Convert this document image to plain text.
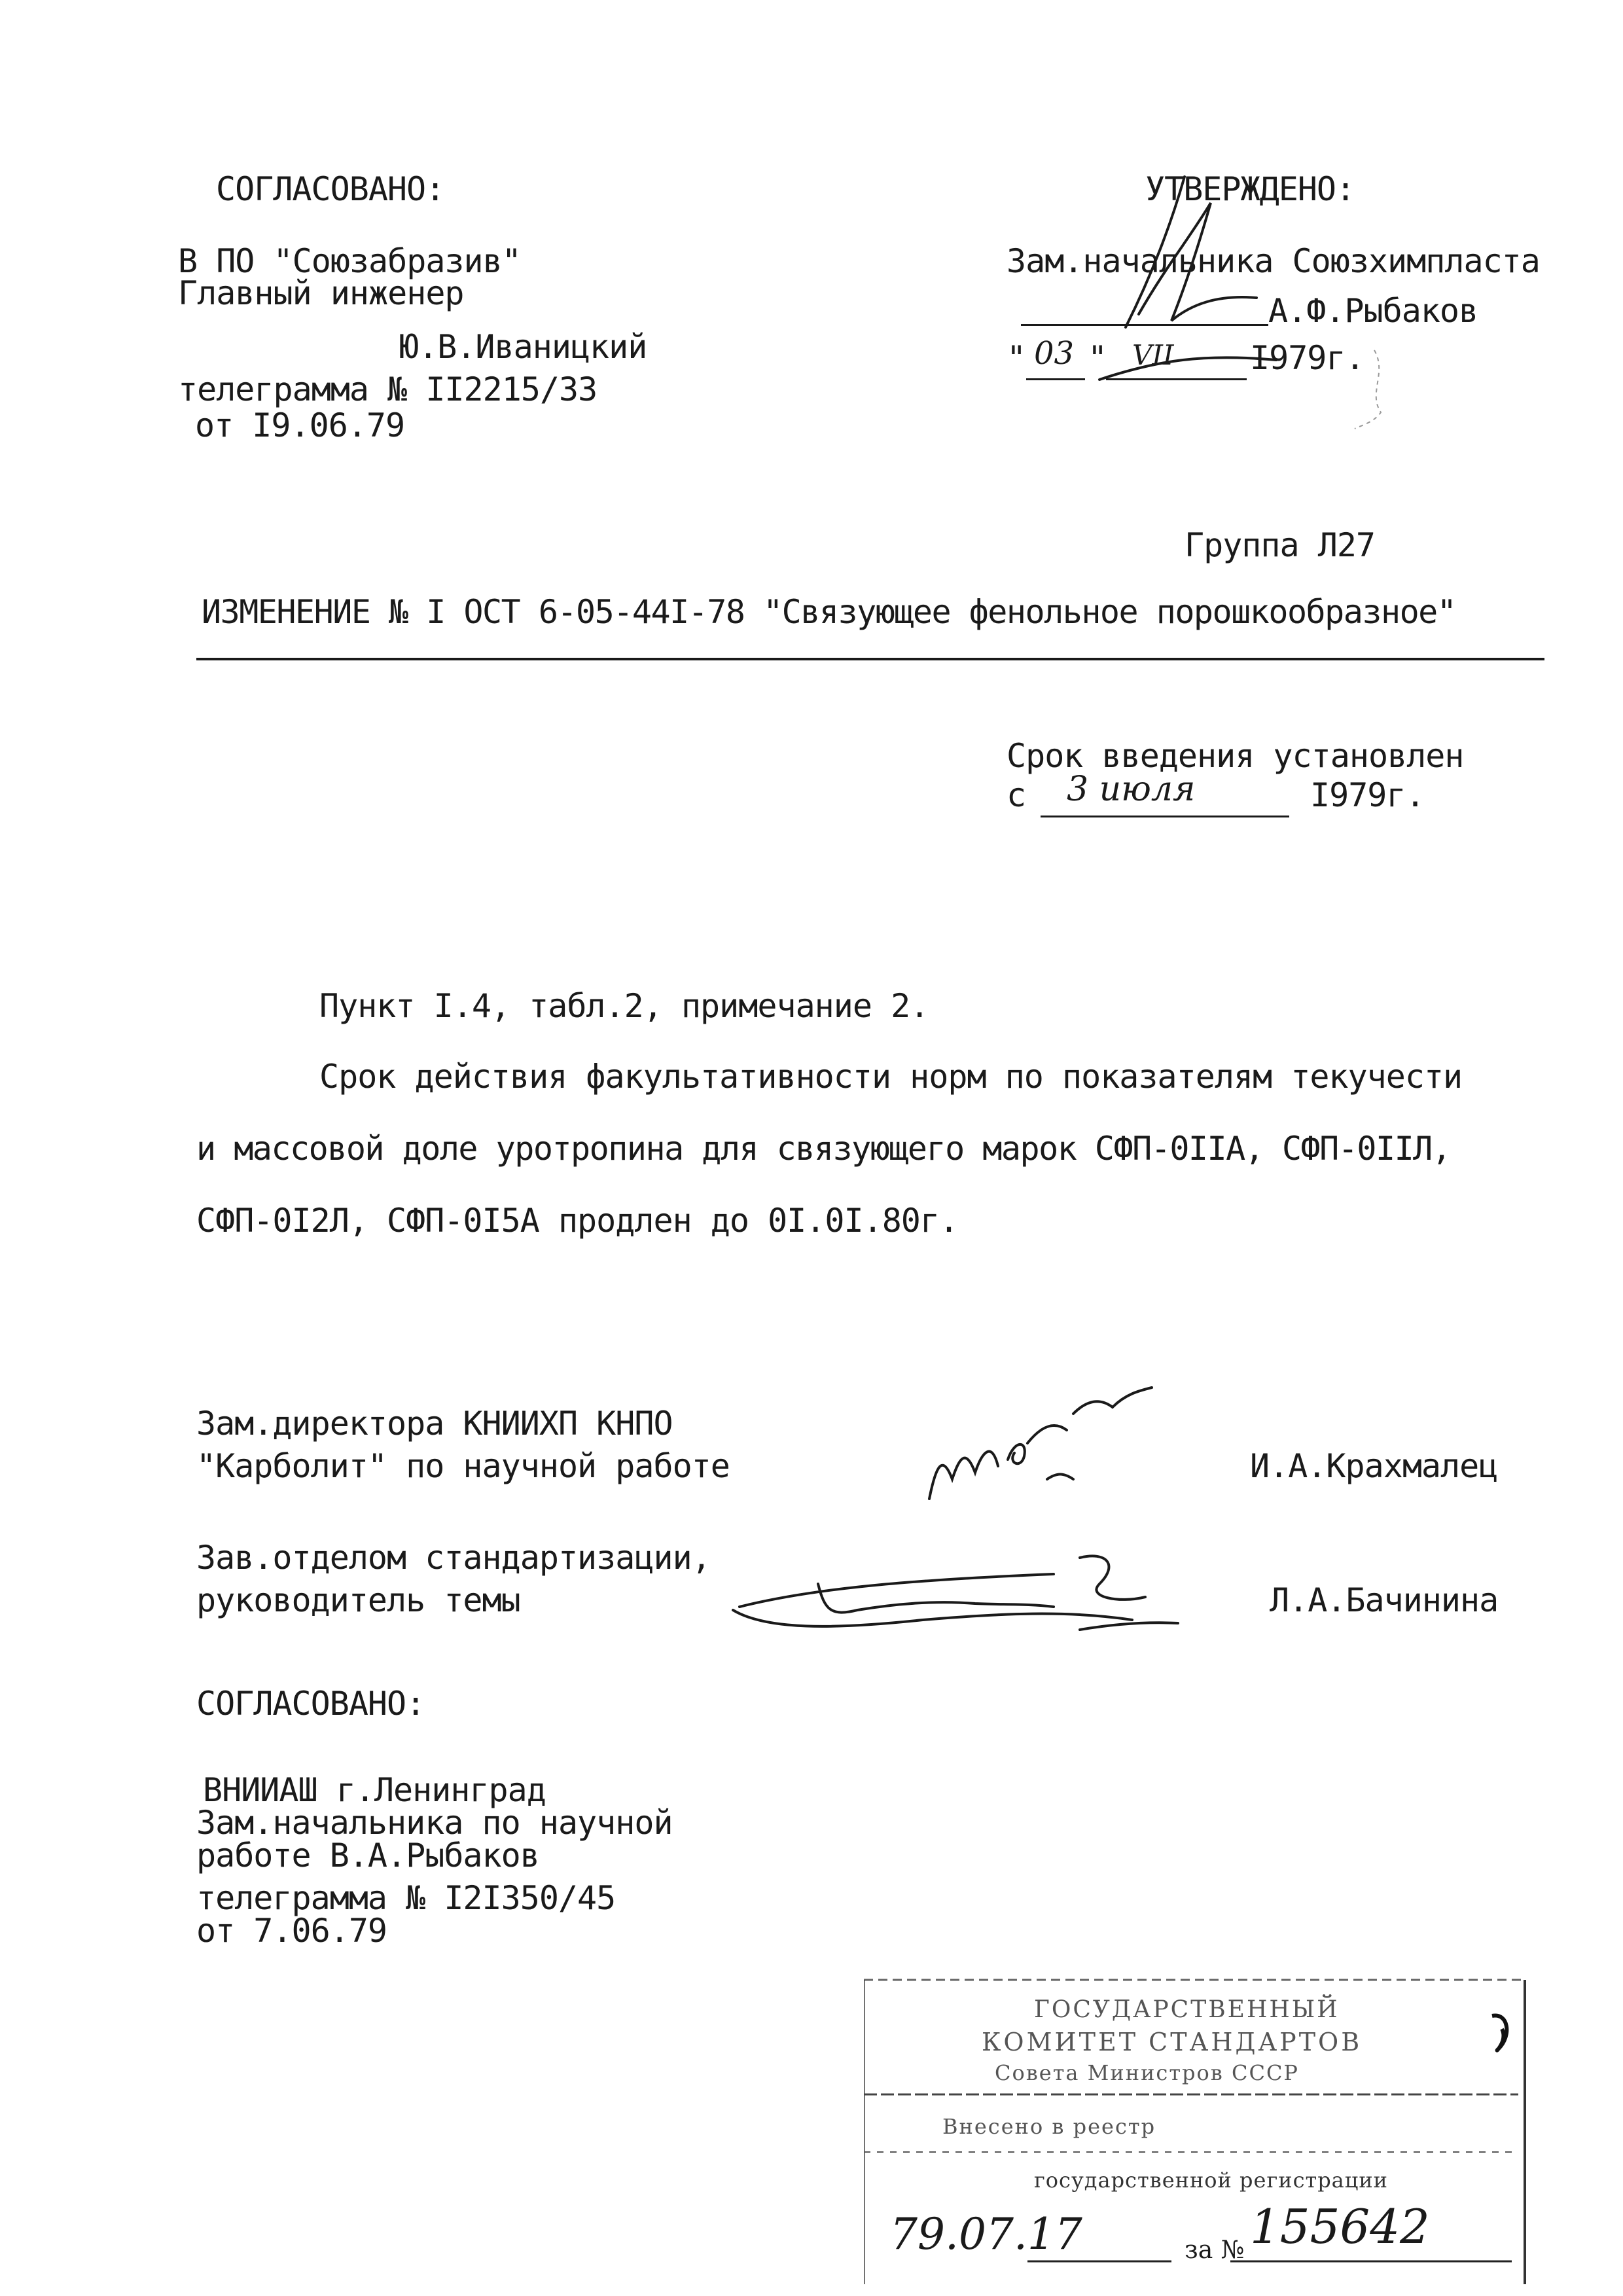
СОГЛАСОВАНО:
В ПО "Союзабразив"
Главный инженер
Ю.В.Иваницкий
телеграмма № II2215/33
от I9.06.79
УТВЕРЖДЕНО:
Зам.начальника Союзхимпласта
А.Ф.Рыбаков
" 03 " VII I979г.
Группа Л27
ИЗМЕНЕНИЕ № I ОСТ 6-05-44I-78 "Связующее фенольное порошкообразное"
Срок введения установлен
с 3 июля	I979г.
Пункт I.4, табл.2, примечание 2.
Срок действия факультативности норм по показателям текучести
и массовой доле уротропина для связующего марок СФП-0IIА, СФП-0IIЛ,
СФП-0I2Л, СФП-0I5А продлен до 0I.0I.80г.
Зам.директора КНИИХП КНПО
"Карболит" по научной работе	И.А.Крахмалец
Зав.отделом стандартизации,
руководитель темы	Л.А.Бачинина
СОГЛАСОВАНО:
ВНИИАШ г.Ленинград
Зам.начальника по научной
работе В.А.Рыбаков
телеграмма № I2I350/45
от 7.06.79
ГОСУДАРСТВЕННЫЙ
КОМИТЕТ СТАНДАРТОВ
Совета Министров СССР
Внесено в реестр
государственной регистрации
79.07.17	за № 155642
